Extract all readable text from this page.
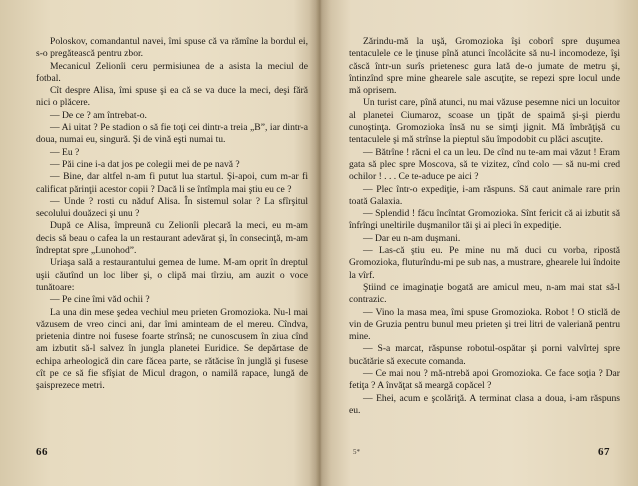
Poloskov, comandantul navei, îmi spuse că va rămîne la bordul ei, s-o pregătească pentru zbor.

Mecanicul Zelionîi ceru permisiunea de a asista la meciul de fotbal.

Cît despre Alisa, îmi spuse şi ea că se va duce la meci, deşi fără nici o plăcere.

— De ce ? am întrebat-o.

— Ai uitat ? Pe stadion o să fie toţi cei dintr-a treia „B”, iar dintr-a doua, numai eu, singură. Şi de vină eşti numai tu.

— Eu ?

— Păi cine i-a dat jos pe colegii mei de pe navă ?

— Bine, dar altfel n-am fi putut lua startul. Şi-apoi, cum m-ar fi calificat părinţii acestor copii ? Dacă li se întîmpla mai ştiu eu ce ?

— Unde ? rosti cu năduf Alisa. În sistemul solar ? La sfîrşitul secolului douăzeci şi unu ?

După ce Alisa, împreună cu Zelionîi plecară la meci, eu m-am decis să beau o cafea la un restaurant adevărat şi, în consecinţă, m-am îndreptat spre „Lunohod”.

Uriaşa sală a restaurantului gemea de lume. M-am oprit în dreptul uşii căutînd un loc liber şi, o clipă mai tîrziu, am auzit o voce tunătoare:

— Pe cine îmi văd ochii ?

La una din mese şedea vechiul meu prieten Gromozioka. Nu-l mai văzusem de vreo cinci ani, dar îmi aminteam de el mereu. Cîndva, prietenia dintre noi fusese foarte strînsă; ne cunoscusem în ziua cînd am izbutit să-l salvez în jungla planetei Euridice. Se depărtase de echipa arheologică din care făcea parte, se rătăcise în junglă şi fusese cît pe ce să fie sfîşiat de Micul dragon, o namilă rapace, lungă de şaisprezece metri.

66

Zărindu-mă la uşă, Gromozioka îşi coborî spre duşumea tentaculele ce le ţinuse pînă atunci încolăcite să nu-l incomodeze, îşi căscă într-un surîs prietenesc gura lată de-o jumate de metru şi, întinzînd spre mine ghearele sale ascuţite, se repezi spre locul unde mă oprisem.

Un turist care, pînă atunci, nu mai văzuse pesemne nici un locuitor al planetei Ciumaroz, scoase un ţipăt de spaimă şi-şi pierdu cunoştinţa. Gromozioka însă nu se simţi jignit. Mă îmbrăţişă cu tentaculele şi mă strînse la pieptul său împodobit cu plăci ascuţite.

— Bătrîne ! răcni el ca un leu. De cînd nu te-am mai văzut ! Eram gata să plec spre Moscova, să te vizitez, cînd colo — să nu-mi cred ochilor ! . . . Ce te-aduce pe aici ?

— Plec într-o expediţie, i-am răspuns. Să caut animale rare prin toată Galaxia.

— Splendid ! făcu încîntat Gromozioka. Sînt fericit că ai izbutit să înfrîngi uneltirile duşmanilor tăi şi ai pleci în expediţie.

— Dar eu n-am duşmani.

— Las-că ştiu eu. Pe mine nu mă duci cu vorba, ripostă Gromozioka, fluturîndu-mi pe sub nas, a mustrare, ghearele lui îndoite la vîrf.

Ştiind ce imaginaţie bogată are amicul meu, n-am mai stat să-l contrazic.

— Vino la masa mea, îmi spuse Gromozioka. Robot ! O sticlă de vin de Gruzia pentru bunul meu prieten şi trei litri de valeriană pentru mine.

— S-a marcat, răspunse robotul-ospătar şi porni valvîrtej spre bucătărie să execute comanda.

— Ce mai nou ? mă-ntrebă apoi Gromozioka. Ce face soţia ? Dar fetiţa ? A învăţat să meargă copăcel ?

— Ehei, acum e şcolăriţă. A terminat clasa a doua, i-am răspuns eu.

5*	67
